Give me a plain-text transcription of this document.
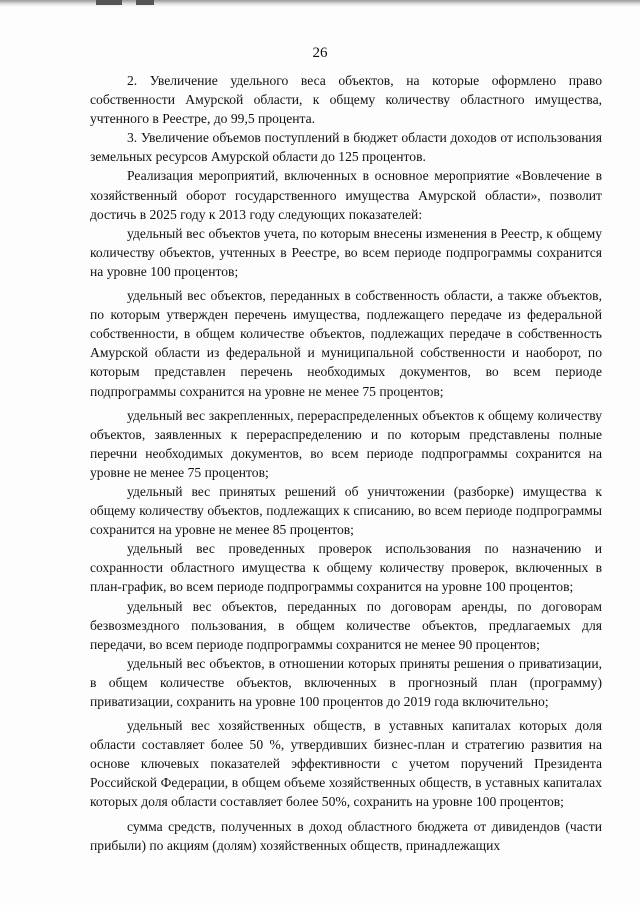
26

2. Увеличение удельного веса объектов, на которые оформлено право собственности Амурской области, к общему количеству областного имущества, учтенного в Реестре, до 99,5 процента.

3. Увеличение объемов поступлений в бюджет области доходов от использования земельных ресурсов Амурской области до 125 процентов.

Реализация мероприятий, включенных в основное мероприятие «Вовлечение в хозяйственный оборот государственного имущества Амурской области», позволит достичь в 2025 году к 2013 году следующих показателей:

удельный вес объектов учета, по которым внесены изменения в Реестр, к общему количеству объектов, учтенных в Реестре, во всем периоде подпрограммы сохранится на уровне 100 процентов;

удельный вес объектов, переданных в собственность области, а также объектов, по которым утвержден перечень имущества, подлежащего передаче из федеральной собственности, в общем количестве объектов, подлежащих передаче в собственность Амурской области из федеральной и муниципальной собственности и наоборот, по которым представлен перечень необходимых документов, во всем периоде подпрограммы сохранится на уровне не менее 75 процентов;

удельный вес закрепленных, перераспределенных объектов к общему количеству объектов, заявленных к перераспределению и по которым представлены полные перечни необходимых документов, во всем периоде подпрограммы сохранится на уровне не менее 75 процентов;

удельный вес принятых решений об уничтожении (разборке) имущества к общему количеству объектов, подлежащих к списанию, во всем периоде подпрограммы сохранится на уровне не менее 85 процентов;

удельный вес проведенных проверок использования по назначению и сохранности областного имущества к общему количеству проверок, включенных в план-график, во всем периоде подпрограммы сохранится на уровне 100 процентов;

удельный вес объектов, переданных по договорам аренды, по договорам безвозмездного пользования, в общем количестве объектов, предлагаемых для передачи, во всем периоде подпрограммы сохранится не менее 90 процентов;

удельный вес объектов, в отношении которых приняты решения о приватизации, в общем количестве объектов, включенных в прогнозный план (программу) приватизации, сохранить на уровне 100 процентов до 2019 года включительно;

удельный вес хозяйственных обществ, в уставных капиталах которых доля области составляет более 50 %, утвердивших бизнес-план и стратегию развития на основе ключевых показателей эффективности с учетом поручений Президента Российской Федерации, в общем объеме хозяйственных обществ, в уставных капиталах которых доля области составляет более 50%, сохранить на уровне 100 процентов;

сумма средств, полученных в доход областного бюджета от дивидендов (части прибыли) по акциям (долям) хозяйственных обществ, принадлежащих
